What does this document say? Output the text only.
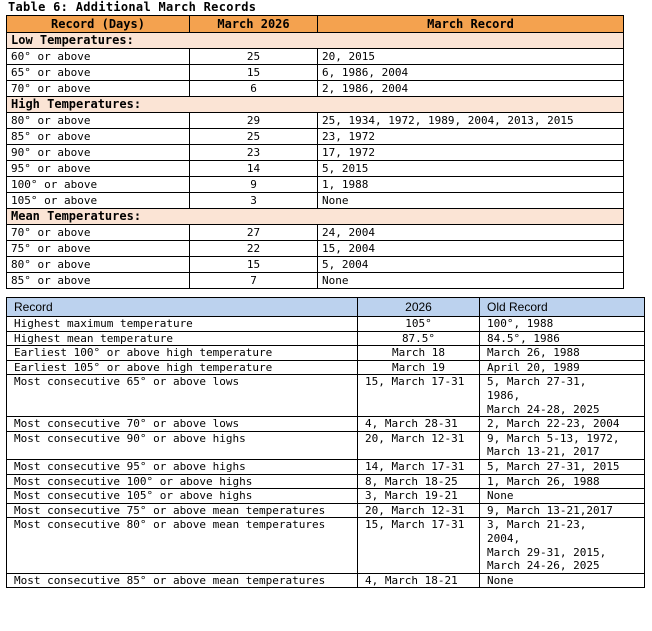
Table 6: Additional March Records
Record (Days)	March 2026	March Record
Low Temperatures:		
60° or above	25	20, 2015
65° or above	15	6, 1986, 2004
70° or above	6	2, 1986, 2004
High Temperatures:		
80° or above	29	25, 1934, 1972, 1989, 2004, 2013, 2015
85° or above	25	23, 1972
90° or above	23	17, 1972
95° or above	14	5, 2015
100° or above	9	1, 1988
105° or above	3	None
Mean Temperatures:		
70° or above	27	24, 2004
75° or above	22	15, 2004
80° or above	15	5, 2004
85° or above	7	None
Record	2026	Old Record
Highest maximum temperature	105°	100°, 1988

Highest mean temperature	87.5°	84.5°, 1986

Earliest 100° or above high temperature	March 18	March 26, 1988

Earliest 105° or above high temperature	March 19	April 20, 1989

Most consecutive 65° or above lows	15, March 17-31	5, March 27-31,
1986,
March 24-28, 2025

Most consecutive 70° or above lows	4, March 28-31	2, March 22-23, 2004

Most consecutive 90° or above highs	20, March 12-31	9, March 5-13, 1972,
March 13-21, 2017

Most consecutive 95° or above highs	14, March 17-31	5, March 27-31, 2015

Most consecutive 100° or above highs	8, March 18-25	1, March 26, 1988

Most consecutive 105° or above highs	3, March 19-21	None

Most consecutive 75° or above mean temperatures	20, March 12-31	9, March 13-21,2017

Most consecutive 80° or above mean temperatures	15, March 17-31	3, March 21-23,
2004,
March 29-31, 2015,
March 24-26, 2025

Most consecutive 85° or above mean temperatures	4, March 18-21	None
